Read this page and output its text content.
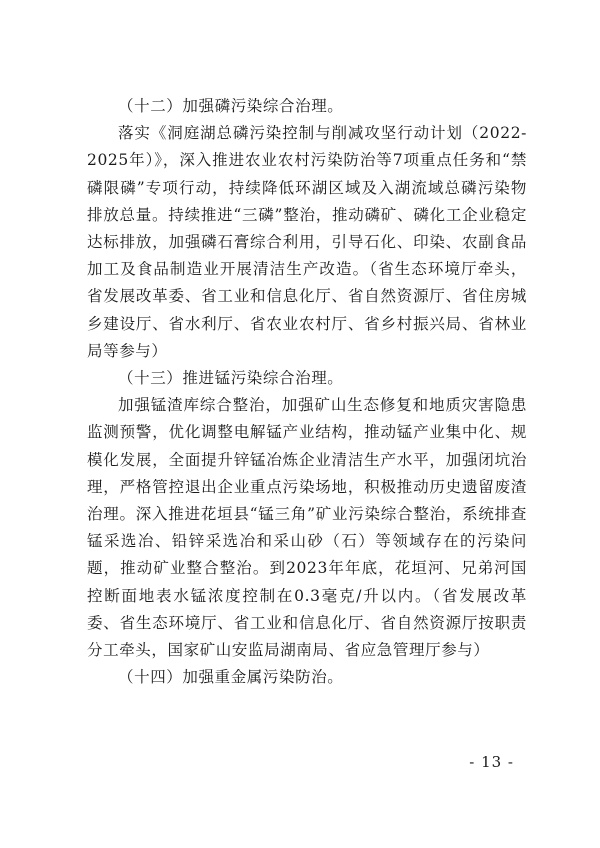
（十二）加强磷污染综合治理。

落实《洞庭湖总磷污染控制与削减攻坚行动计划（2022-2025年）》，深入推进农业农村污染防治等7项重点任务和“禁磷限磷”专项行动，持续降低环湖区域及入湖流域总磷污染物排放总量。持续推进“三磷”整治，推动磷矿、磷化工企业稳定达标排放，加强磷石膏综合利用，引导石化、印染、农副食品加工及食品制造业开展清洁生产改造。（省生态环境厅牵头，省发展改革委、省工业和信息化厅、省自然资源厅、省住房城乡建设厅、省水利厅、省农业农村厅、省乡村振兴局、省林业局等参与）

（十三）推进锰污染综合治理。

加强锰渣库综合整治，加强矿山生态修复和地质灾害隐患监测预警，优化调整电解锰产业结构，推动锰产业集中化、规模化发展，全面提升锌锰冶炼企业清洁生产水平，加强闭坑治理，严格管控退出企业重点污染场地，积极推动历史遗留废渣治理。深入推进花垣县“锰三角”矿业污染综合整治，系统排查锰采选冶、铅锌采选冶和采山砂（石）等领域存在的污染问题，推动矿业整合整治。到2023年年底，花垣河、兄弟河国控断面地表水锰浓度控制在0.3毫克/升以内。（省发展改革委、省生态环境厅、省工业和信息化厅、省自然资源厅按职责分工牵头，国家矿山安监局湖南局、省应急管理厅参与）

（十四）加强重金属污染防治。

- 13 -
